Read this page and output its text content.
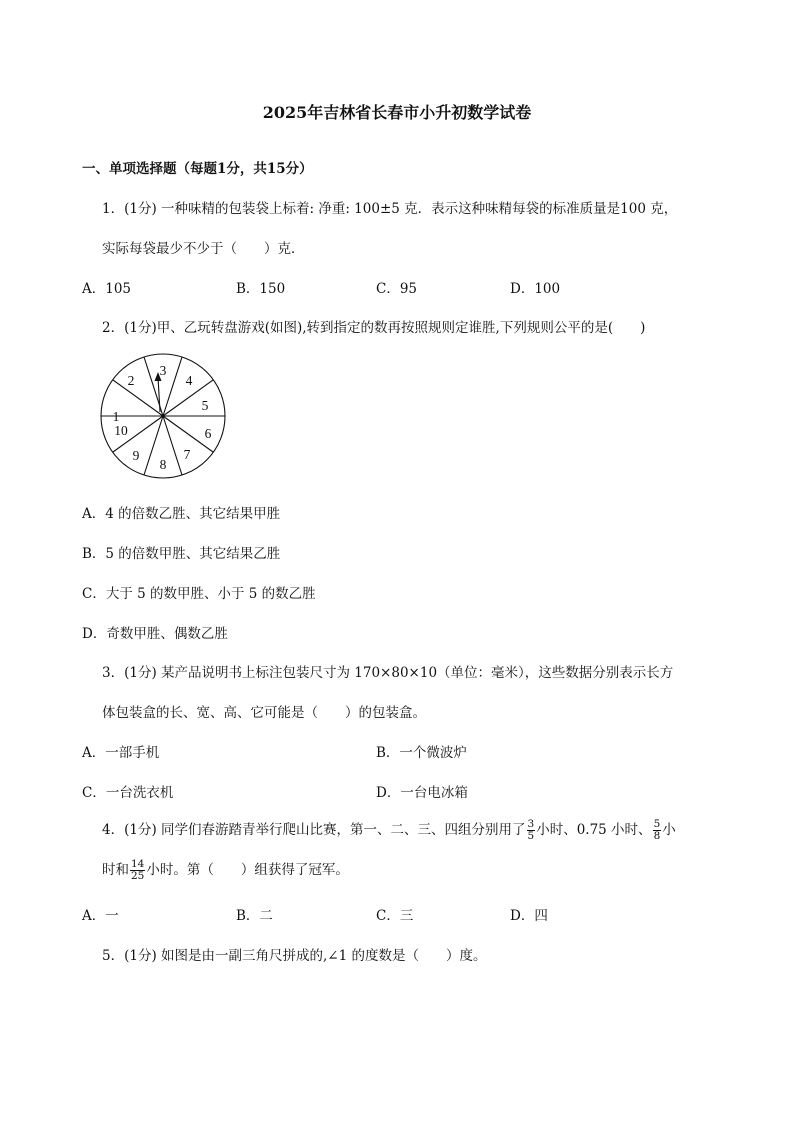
2025年吉林省长春市小升初数学试卷
一、单项选择题（每题1分，共15分）
1．(1分) 一种味精的包装袋上标着: 净重: 100±5 克．表示这种味精每袋的标准质量是100 克，
实际每袋最少不少于（　　）克．
A．105	B．150	C．95	D．100
2．(1分)甲、乙玩转盘游戏(如图),转到指定的数再按照规则定谁胜,下列规则公平的是(　　)
1
2
3
4
5
6
7
8
9
10
A．4 的倍数乙胜、其它结果甲胜
B．5 的倍数甲胜、其它结果乙胜
C．大于 5 的数甲胜、小于 5 的数乙胜
D．奇数甲胜、偶数乙胜
3．(1分) 某产品说明书上标注包装尺寸为 170×80×10（单位：毫米），这些数据分别表示长方
体包装盒的长、宽、高、它可能是（　　）的包装盒。
A．一部手机	B．一个微波炉
C．一台洗衣机	D．一台电冰箱
4．(1分) 同学们春游踏青举行爬山比赛，第一、二、三、四组分别用了 $\frac{3}{5}$ 小时、0.75 小时、 $\frac{5}{8}$ 小
时和 $\frac{14}{25}$ 小时。第（　　）组获得了冠军。
A．一	B．二	C．三	D．四
5．(1分) 如图是由一副三角尺拼成的,∠1 的度数是（　　）度。
